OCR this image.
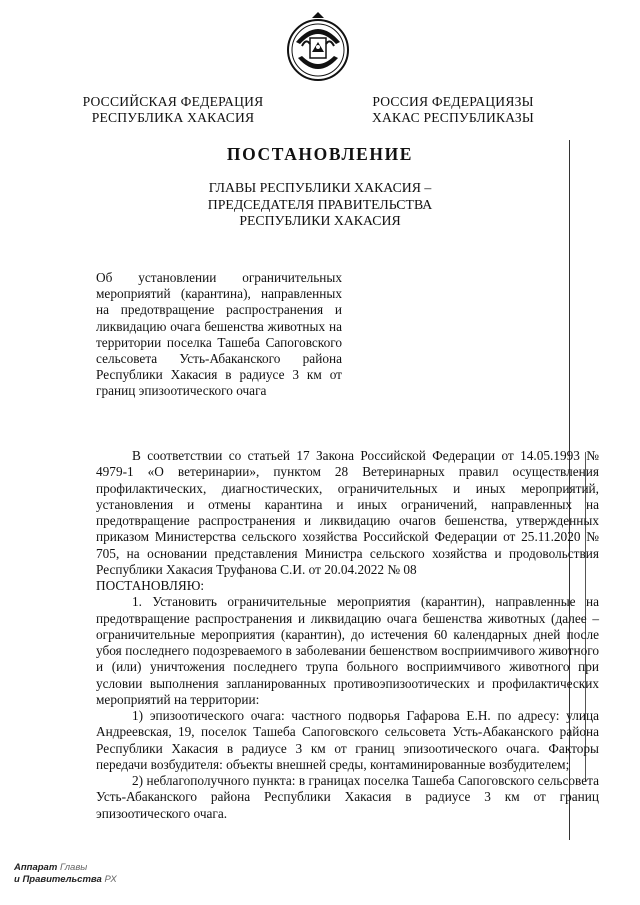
РОССИЙСКАЯ ФЕДЕРАЦИЯ
РЕСПУБЛИКА ХАКАСИЯ
РОССИЯ ФЕДЕРАЦИЯЗЫ
ХАКАС РЕСПУБЛИКАЗЫ
ПОСТАНОВЛЕНИЕ
ГЛАВЫ РЕСПУБЛИКИ ХАКАСИЯ –
ПРЕДСЕДАТЕЛЯ ПРАВИТЕЛЬСТВА
РЕСПУБЛИКИ ХАКАСИЯ
Об установлении ограничительных мероприятий (карантина), направленных на предотвращение распространения и ликвидацию очага бешенства животных на территории поселка Ташеба Сапоговского сельсовета Усть-Абаканского района Республики Хакасия в радиусе 3 км от границ эпизоотического очага

В соответствии со статьей 17 Закона Российской Федерации от 14.05.1993 № 4979-1 «О ветеринарии», пунктом 28 Ветеринарных правил осуществления профилактических, диагностических, ограничительных и иных мероприятий, установления и отмены карантина и иных ограничений, направленных на предотвращение распространения и ликвидацию очагов бешенства, утвержденных приказом Министерства сельского хозяйства Российской Федерации от 25.11.2020 № 705, на основании представления Министра сельского хозяйства и продовольствия Республики Хакасия Труфанова С.И. от 20.04.2022 № 08

ПОСТАНОВЛЯЮ:

1. Установить ограничительные мероприятия (карантин), направленные на предотвращение распространения и ликвидацию очага бешенства животных (далее – ограничительные мероприятия (карантин), до истечения 60 календарных дней после убоя последнего подозреваемого в заболевании бешенством восприимчивого животного и (или) уничтожения последнего трупа больного восприимчивого животного при условии выполнения запланированных противоэпизоотических и профилактических мероприятий на территории:

1) эпизоотического очага: частного подворья Гафарова Е.Н. по адресу: улица Андреевская, 19, поселок Ташеба Сапоговского сельсовета Усть-Абаканского района Республики Хакасия в радиусе 3 км от границ эпизоотического очага. Факторы передачи возбудителя: объекты внешней среды, контаминированные возбудителем;

2) неблагополучного пункта: в границах поселка Ташеба Сапоговского сельсовета Усть-Абаканского района Республики Хакасия в радиусе 3 км от границ эпизоотического очага.

Аппарат Главы
и Правительства РХ
